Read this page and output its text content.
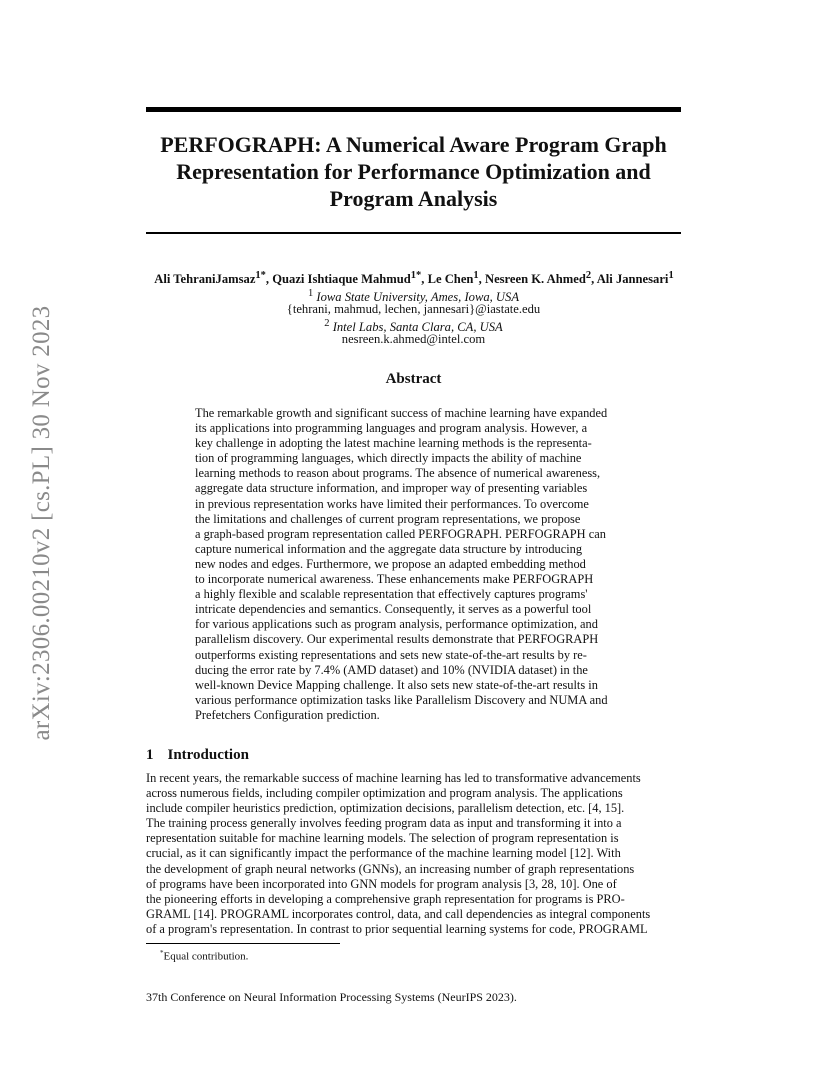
arXiv:2306.00210v2 [cs.PL] 30 Nov 2023
PERFOGRAPH: A Numerical Aware Program Graph
Representation for Performance Optimization and
Program Analysis
Ali TehraniJamsaz$^{1*}$, Quazi Ishtiaque Mahmud$^{1*}$, Le Chen$^1$, Nesreen K. Ahmed$^2$, Ali Jannesari$^1$
$^1$ Iowa State University, Ames, Iowa, USA
{tehrani, mahmud, lechen, jannesari}@iastate.edu
$^2$ Intel Labs, Santa Clara, CA, USA
nesreen.k.ahmed@intel.com
Abstract
The remarkable growth and significant success of machine learning have expanded
its applications into programming languages and program analysis. However, a
key challenge in adopting the latest machine learning methods is the representa-
tion of programming languages, which directly impacts the ability of machine
learning methods to reason about programs. The absence of numerical awareness,
aggregate data structure information, and improper way of presenting variables
in previous representation works have limited their performances. To overcome
the limitations and challenges of current program representations, we propose
a graph-based program representation called PERFOGRAPH. PERFOGRAPH can
capture numerical information and the aggregate data structure by introducing
new nodes and edges. Furthermore, we propose an adapted embedding method
to incorporate numerical awareness. These enhancements make PERFOGRAPH
a highly flexible and scalable representation that effectively captures programs'
intricate dependencies and semantics. Consequently, it serves as a powerful tool
for various applications such as program analysis, performance optimization, and
parallelism discovery. Our experimental results demonstrate that PERFOGRAPH
outperforms existing representations and sets new state-of-the-art results by re-
ducing the error rate by 7.4% (AMD dataset) and 10% (NVIDIA dataset) in the
well-known Device Mapping challenge. It also sets new state-of-the-art results in
various performance optimization tasks like Parallelism Discovery and NUMA and
Prefetchers Configuration prediction.
1 Introduction
In recent years, the remarkable success of machine learning has led to transformative advancements
across numerous fields, including compiler optimization and program analysis. The applications
include compiler heuristics prediction, optimization decisions, parallelism detection, etc. [4, 15].
The training process generally involves feeding program data as input and transforming it into a
representation suitable for machine learning models. The selection of program representation is
crucial, as it can significantly impact the performance of the machine learning model [12]. With
the development of graph neural networks (GNNs), an increasing number of graph representations
of programs have been incorporated into GNN models for program analysis [3, 28, 10]. One of
the pioneering efforts in developing a comprehensive graph representation for programs is PRO-
GRAML [14]. PROGRAML incorporates control, data, and call dependencies as integral components
of a program's representation. In contrast to prior sequential learning systems for code, PROGRAML
*Equal contribution.
37th Conference on Neural Information Processing Systems (NeurIPS 2023).
